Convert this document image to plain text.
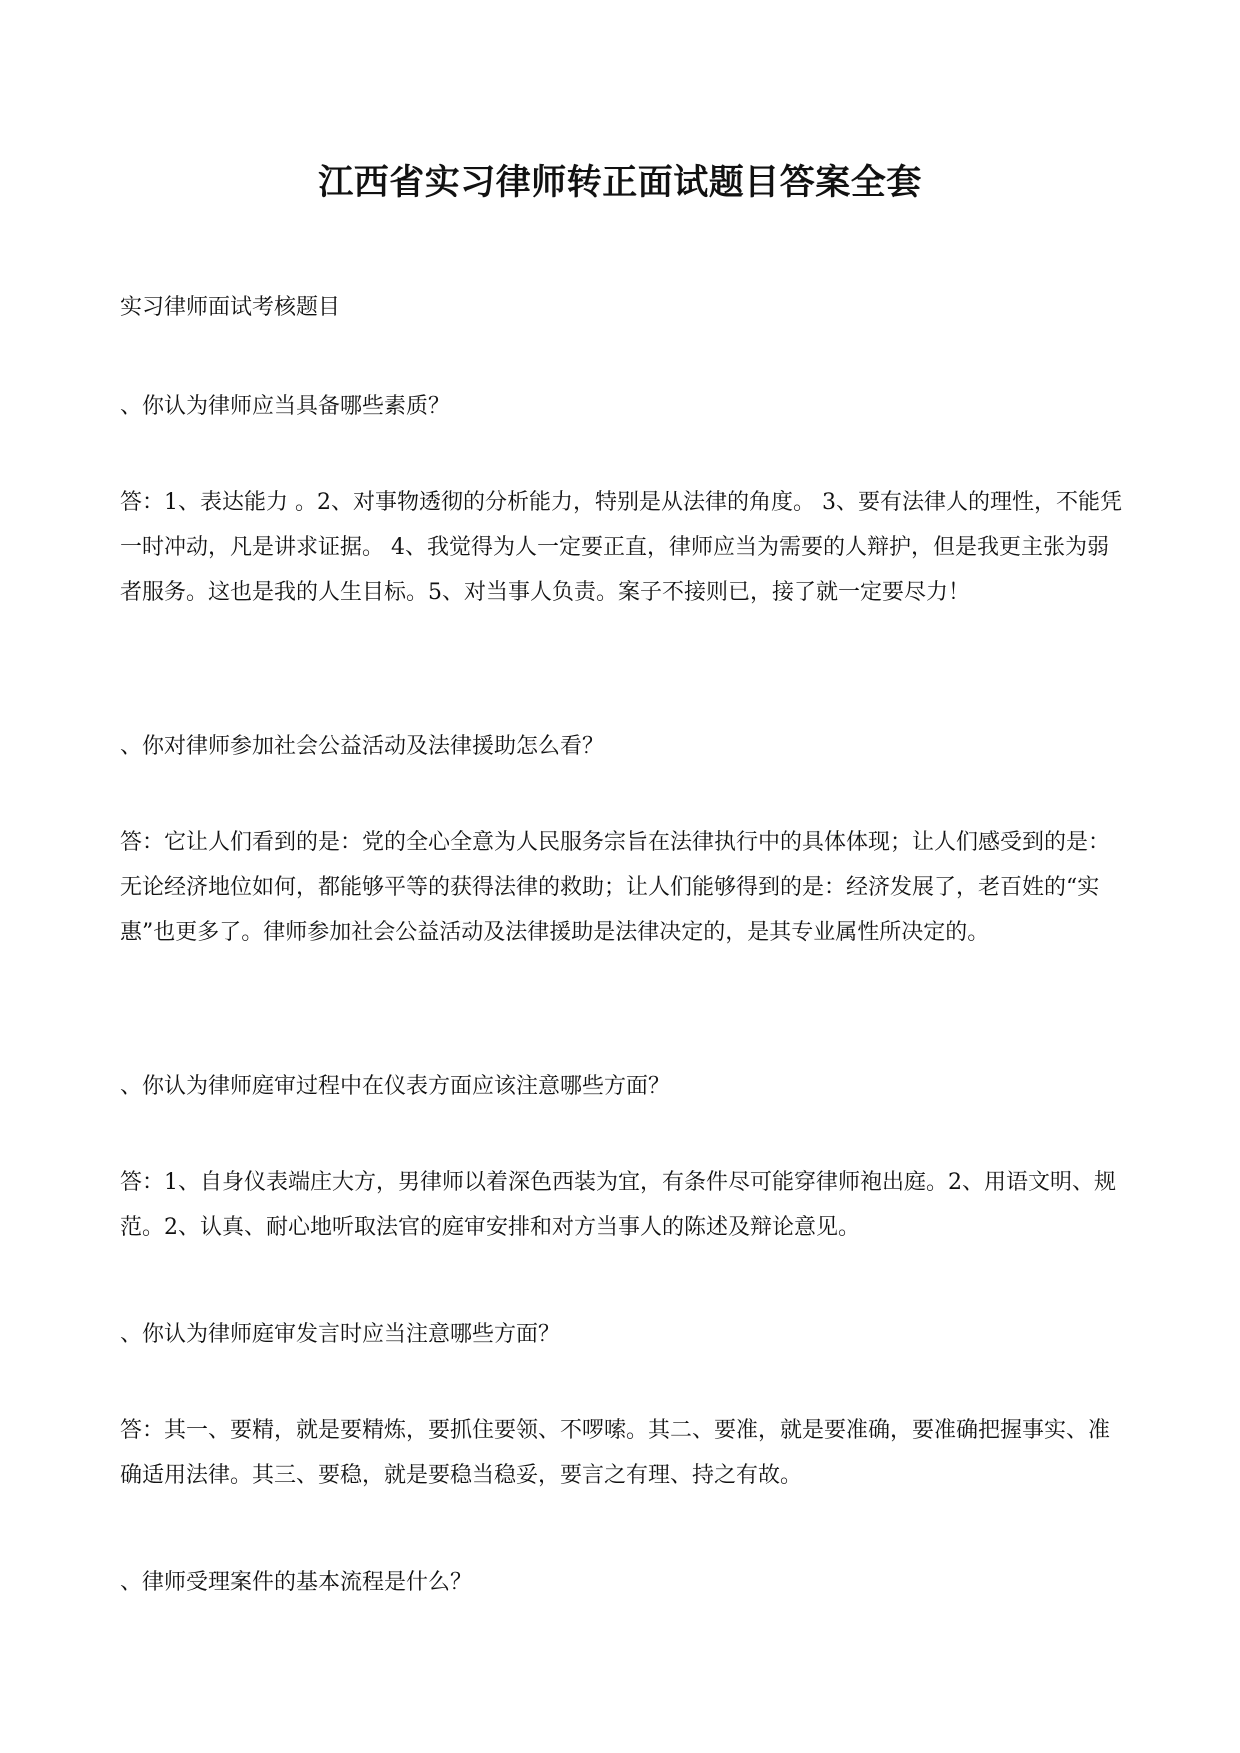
江西省实习律师转正面试题目答案全套

实习律师面试考核题目

、你认为律师应当具备哪些素质？

答：1、表达能力 。2、对事物透彻的分析能力，特别是从法律的角度。 3、要有法律人的理性，不能凭一时冲动，凡是讲求证据。 4、我觉得为人一定要正直，律师应当为需要的人辩护，但是我更主张为弱者服务。这也是我的人生目标。5、对当事人负责。案子不接则已，接了就一定要尽力！

、你对律师参加社会公益活动及法律援助怎么看？

答：它让人们看到的是：党的全心全意为人民服务宗旨在法律执行中的具体体现；让人们感受到的是：无论经济地位如何，都能够平等的获得法律的救助；让人们能够得到的是：经济发展了，老百姓的“实惠”也更多了。律师参加社会公益活动及法律援助是法律决定的，是其专业属性所决定的。

、你认为律师庭审过程中在仪表方面应该注意哪些方面？

答：1、自身仪表端庄大方，男律师以着深色西装为宜，有条件尽可能穿律师袍出庭。2、用语文明、规范。2、认真、耐心地听取法官的庭审安排和对方当事人的陈述及辩论意见。

、你认为律师庭审发言时应当注意哪些方面？

答：其一、要精，就是要精炼，要抓住要领、不啰嗦。其二、要准，就是要准确，要准确把握事实、准确适用法律。其三、要稳，就是要稳当稳妥，要言之有理、持之有故。

、律师受理案件的基本流程是什么？
